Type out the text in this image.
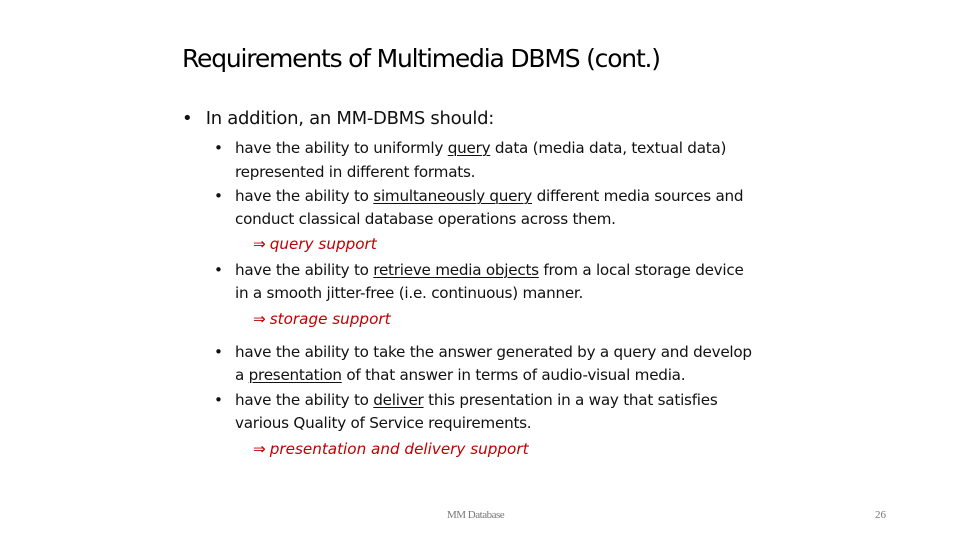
Requirements of Multimedia DBMS (cont.)
• In addition, an MM-DBMS should:
• have the ability to uniformly query data (media data, textual data)
represented in different formats.
• have the ability to simultaneously query different media sources and
conduct classical database operations across them.
⇒ query support
• have the ability to retrieve media objects from a local storage device
in a smooth jitter-free (i.e. continuous) manner.
⇒ storage support
• have the ability to take the answer generated by a query and develop
a presentation of that answer in terms of audio-visual media.
• have the ability to deliver this presentation in a way that satisfies
various Quality of Service requirements.
⇒ presentation and delivery support
MM Database	26
